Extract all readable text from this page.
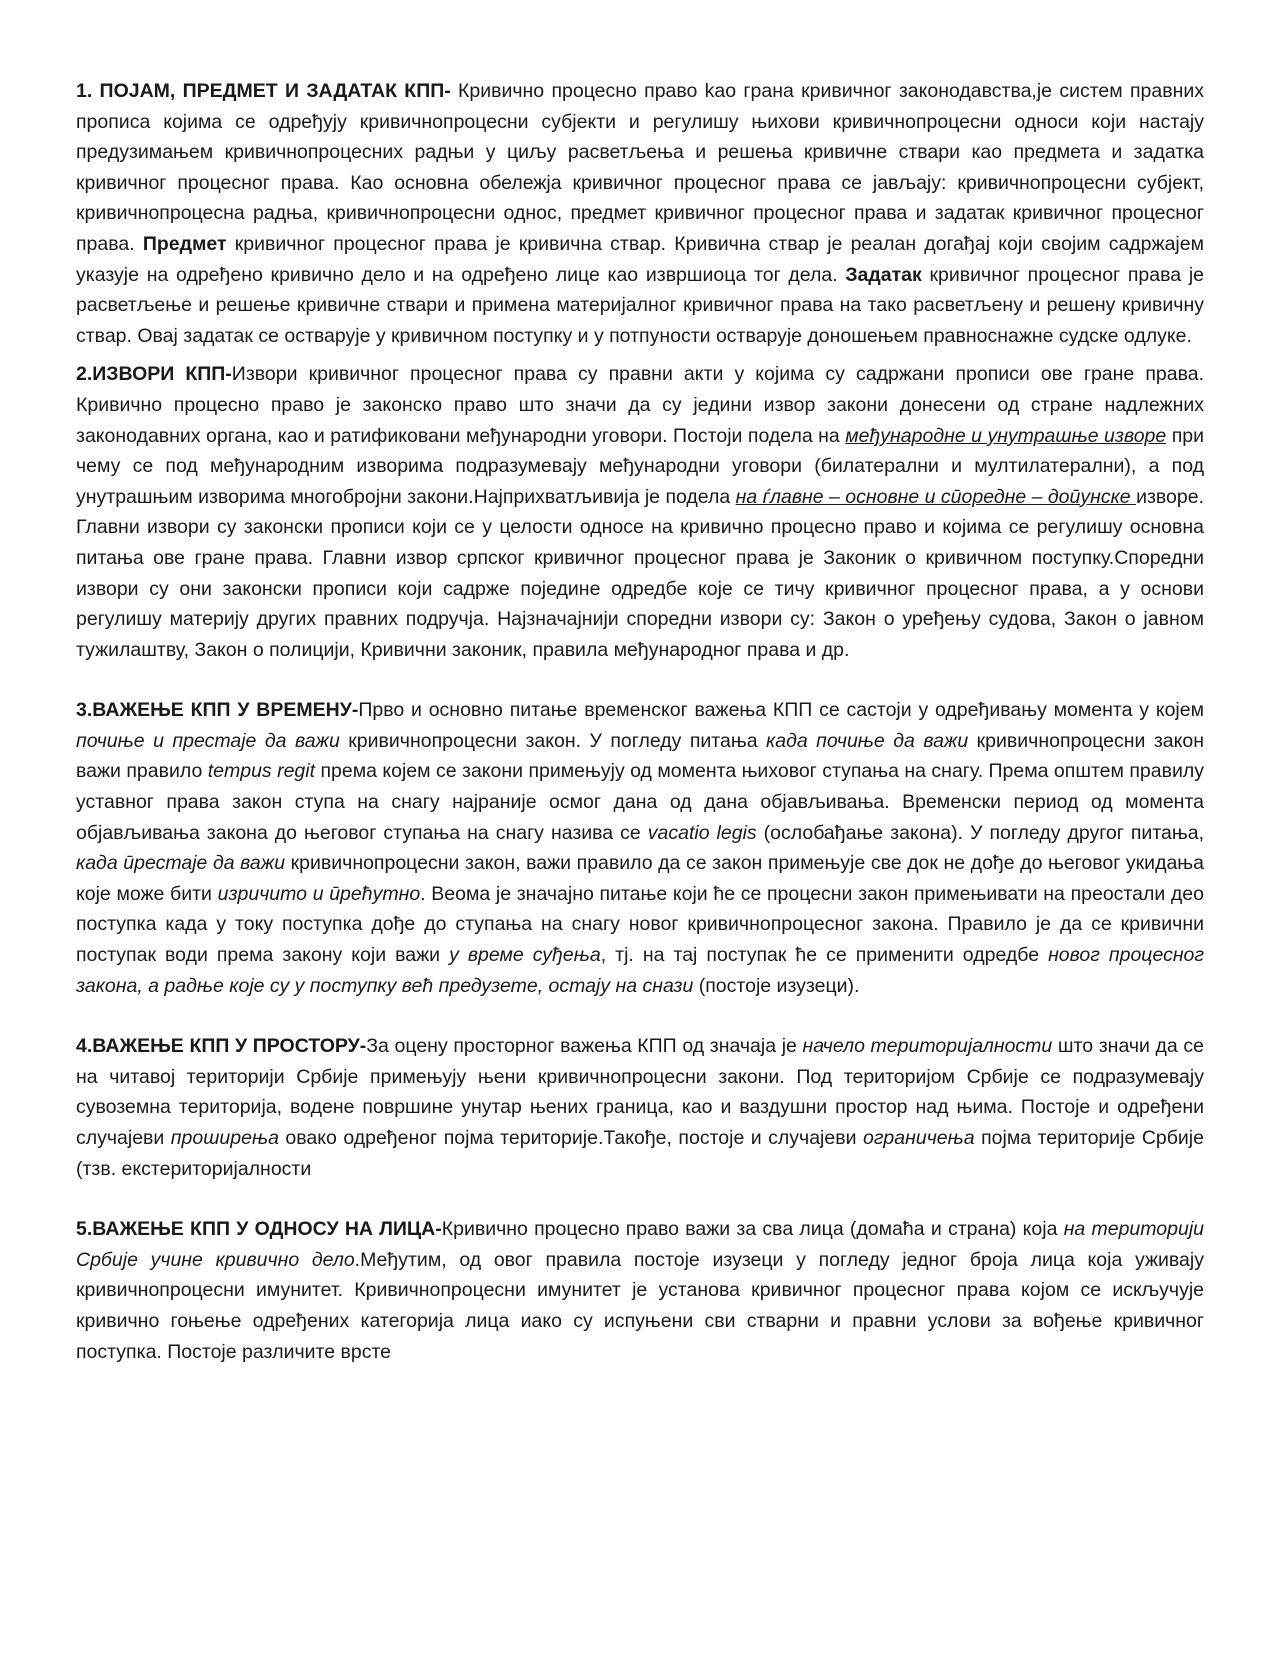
1. ПОЈАМ, ПРЕДМЕТ И ЗАДАТАК КПП- Кривично процесно право kao грана кривичног законодавства,је систем правних прописа којима се одређују кривичнопроцесни субјекти и регулишу њихови кривичнопроцесни односи који настају предузимањем кривичнопроцесних радњи у циљу расветљења и решења кривичне ствари као предмета и задатка кривичног процесног права. Као основна обележја кривичног процесног права се јављају: кривичнопроцесни субјект, кривичнопроцесна радња, кривичнопроцесни однос, предмет кривичног процесног права и задатак кривичног процесног права. Предмет кривичног процесног права је кривична ствар. Кривична ствар је реалан догађај који својим садржајем указује на одређено кривично дело и на одређено лице као извршиоца тог дела. Задатак кривичног процесног права је расветљење и решење кривичне ствари и примена материјалног кривичног права на тако расветљену и решену кривичну ствар. Овај задатак се остварује у кривичном поступку и у потпуности остварује доношењем правноснажне судске одлуке.

2.ИЗВОРИ КПП-Извори кривичног процесног права су правни акти у којима су садржани прописи ове гране права. Кривично процесно право је законско право што значи да су једини извор закони донесени од стране надлежних законодавних органа, као и ратификовани међународни уговори. Постоји подела на међународне и унутрашње изворе при чему се под међународним изворима подразумевају међународни уговори (билатерални и мултилатерални), а под унутрашњим изворима многобројни закони.Најприхватљивија је подела на ѓлавне – основне и сӣоредне – доӣунске изворе. Главни извори су законски прописи који се у целости односе на кривично процесно право и којима се регулишу основна питања ове гране права. Главни извор српског кривичног процесног права је Законик о кривичном поступку.Споредни извори су они законски прописи који садрже поједине одредбе које се тичу кривичног процесног права, а у основи регулишу материју других правних подручја. Најзначајнији споредни извори су: Закон о уређењу судова, Закон о јавном тужилаштву, Закон о полицији, Кривични законик, правила међународног права и др.

3.ВАЖЕЊЕ КПП У ВРЕМЕНУ-Прво и основно питање временског важења КПП се састоји у одређивању момента у којем почиње и престаје да важи кривичнопроцесни закон. У погледу питања када почиње да важи кривичнопроцесни закон важи правило tempus regit према којем се закони примењују од момента њиховог ступања на снагу. Према општем правилу уставног права закон ступа на снагу најраније осмог дана од дана објављивања. Временски период од момента објављивања закона до његовог ступања на снагу назива се vacatio legis (ослобађање закона). У погледу другог питања, када ӣрестаје да важи кривичнопроцесни закон, важи правило да се закон примењује све док не дође до његовог укидања које може бити изричито и ӣрећутно. Веома је значајно питање који ће се процесни закон примењивати на преостали део поступка када у току поступка дође до ступања на снагу новог кривичнопроцесног закона. Правило је да се кривични поступак води према закону који важи у време суђења, тј. на тај поступак ће се применити одредбе новог процесног закона, а радње које су у поступку већ предузете, остају на снази (постоје изузеци).

4.ВАЖЕЊЕ КПП У ПРОСТОРУ-За оцену просторног важења КПП од значаја је начело територијалности што значи да се на читавој територији Србије примењују њени кривичнопроцесни закони. Под територијом Србије се подразумевају сувоземна територија, водене површине унутар њених граница, као и ваздушни простор над њима. Постоје и одређени случајеви проширења овако одређеног појма територије.Такође, постоје и случајеви ограничења појма територије Србије (тзв. екстериторијалности

5.ВАЖЕЊЕ КПП У ОДНОСУ НА ЛИЦА-Кривично процесно право важи за сва лица (домаћа и страна) која на територији Србије учине кривично дело.Међутим, од овог правила постоје изузеци у погледу једног броја лица која уживају кривичнопроцесни имунитет. Кривичнопроцесни имунитет је установа кривичног процесног права којом се искључује кривично гоњење одређених категорија лица иако су испуњени сви стварни и правни услови за вођење кривичног поступка. Постоје различите врсте
